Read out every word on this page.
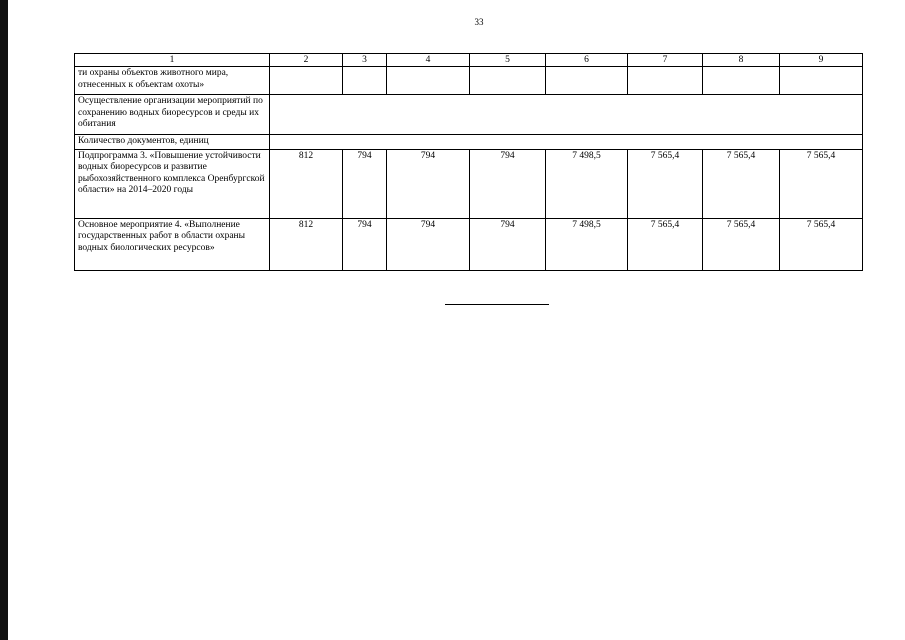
33
1	2	3	4	5	6	7	8	9
ти охраны объектов животного мира, отнесенных к объектам охоты»								
Осуществление организации мероприятий по сохранению водных биоресурсов и среды их обитания								
Количество документов, единиц								
Подпрограмма 3. «Повышение устойчивости водных биоресурсов и развитие рыбохозяйственного комплекса Оренбургской области» на 2014–2020 годы	812	794	794	794	7 498,5	7 565,4	7 565,4	7 565,4
Основное мероприятие 4. «Выполнение государственных работ в области охраны водных биологических ресурсов»	812	794	794	794	7 498,5	7 565,4	7 565,4	7 565,4
